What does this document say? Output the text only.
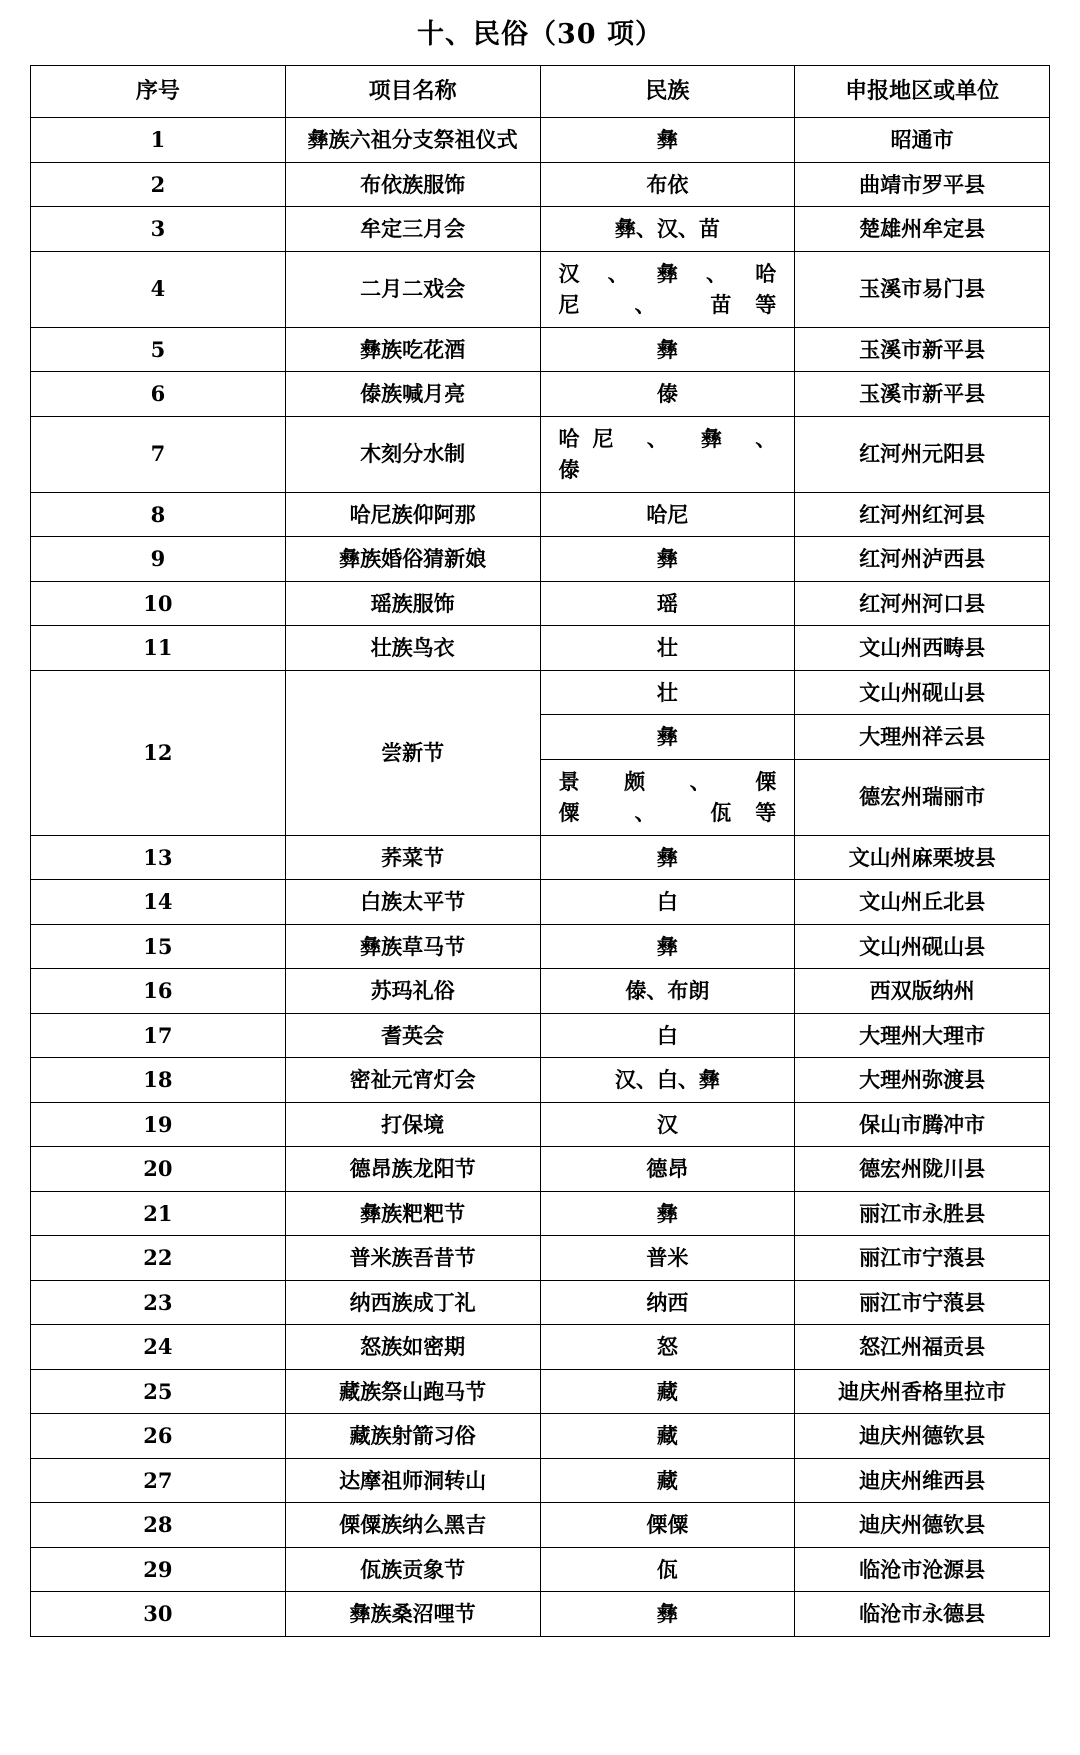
十、民俗（30 项）
序号	项目名称	民族	申报地区或单位
1	彝族六祖分支祭祖仪式	彝	昭通市
2	布依族服饰	布依	曲靖市罗平县
3	牟定三月会	彝、汉、苗	楚雄州牟定县
4	二月二戏会	汉 、 彝 、 哈
尼 、 苗等	玉溪市易门县
5	彝族吃花酒	彝	玉溪市新平县
6	傣族喊月亮	傣	玉溪市新平县
7	木刻分水制	哈尼 、 彝 、
傣	红河州元阳县
8	哈尼族仰阿那	哈尼	红河州红河县
9	彝族婚俗猜新娘	彝	红河州泸西县
10	瑶族服饰	瑶	红河州河口县
11	壮族鸟衣	壮	文山州西畴县
12	尝新节	壮	文山州砚山县

		彝	大理州祥云县

		景 颇 、 傈
僳 、 佤等	德宏州瑞丽市
13	荞菜节	彝	文山州麻栗坡县
14	白族太平节	白	文山州丘北县
15	彝族草马节	彝	文山州砚山县
16	苏玛礼俗	傣、布朗	西双版纳州
17	耆英会	白	大理州大理市
18	密祉元宵灯会	汉、白、彝	大理州弥渡县
19	打保境	汉	保山市腾冲市
20	德昂族龙阳节	德昂	德宏州陇川县
21	彝族粑粑节	彝	丽江市永胜县
22	普米族吾昔节	普米	丽江市宁蒗县
23	纳西族成丁礼	纳西	丽江市宁蒗县
24	怒族如密期	怒	怒江州福贡县
25	藏族祭山跑马节	藏	迪庆州香格里拉市
26	藏族射箭习俗	藏	迪庆州德钦县
27	达摩祖师洞转山	藏	迪庆州维西县
28	傈僳族纳么黑吉	傈僳	迪庆州德钦县
29	佤族贡象节	佤	临沧市沧源县
30	彝族桑沼哩节	彝	临沧市永德县
